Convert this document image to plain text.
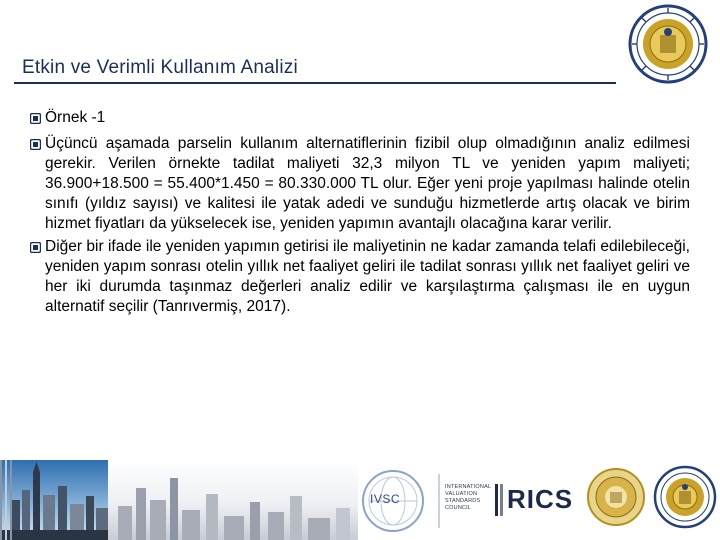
Etkin ve Verimli Kullanım Analizi
Örnek -1
Üçüncü aşamada parselin kullanım alternatiflerinin fizibil olup olmadığının analiz edilmesi gerekir. Verilen örnekte tadilat maliyeti 32,3 milyon TL ve yeniden yapım maliyeti; 36.900+18.500 = 55.400*1.450 = 80.330.000 TL olur. Eğer yeni proje yapılması halinde otelin sınıfı (yıldız sayısı) ve kalitesi ile yatak adedi ve sunduğu hizmetlerde artış olacak ve birim hizmet fiyatları da yükselecek ise, yeniden yapımın avantajlı olacağına karar verilir.
Diğer bir ifade ile yeniden yapımın getirisi ile maliyetinin ne kadar zamanda telafi edilebileceği, yeniden yapım sonrası otelin yıllık net faaliyet geliri ile tadilat sonrası yıllık net faaliyet geliri ve her iki durumda taşınmaz değerleri analiz edilir ve karşılaştırma çalışması ile en uygun alternatif seçilir (Tanrıvermiş, 2017).
IVSC
INTERNATIONAL
VALUATION
STANDARDS
COUNCIL	RICS
